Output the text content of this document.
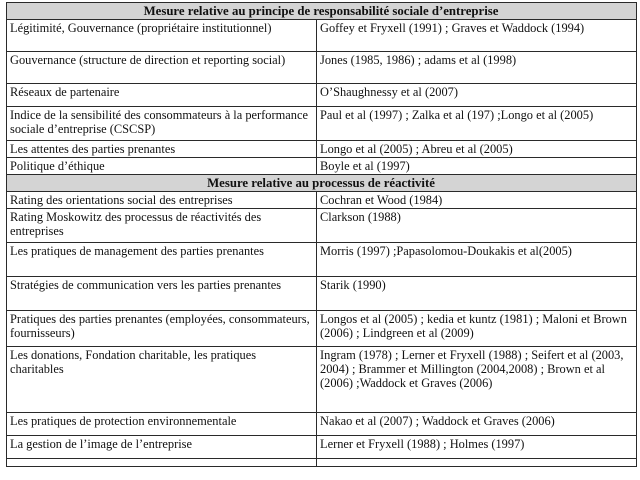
Mesure relative au principe de responsabilité sociale d’entreprise	
Légitimité, Gouvernance (propriétaire institutionnel)	Goffey et Fryxell (1991) ; Graves et Waddock (1994)
Gouvernance (structure de direction et reporting social)	Jones (1985, 1986) ; adams et al (1998)
Réseaux de partenaire	O’Shaughnessy et al (2007)
Indice de la sensibilité des consommateurs à la performance sociale d’entreprise (CSCSP)	Paul et al (1997) ; Zalka et al (197) ;Longo et al (2005)
Les attentes des parties prenantes	Longo et al (2005) ; Abreu et al (2005)
Politique d’éthique	Boyle et al (1997)
Mesure relative au processus de réactivité	
Rating des orientations social des entreprises	Cochran et Wood (1984)
Rating Moskowitz des processus de réactivités des entreprises	Clarkson (1988)
Les pratiques de management des parties prenantes	Morris (1997) ;Papasolomou-Doukakis et al(2005)
Stratégies de communication vers les parties prenantes	Starik (1990)
Pratiques des parties prenantes (employées, consommateurs, fournisseurs)	Longos et al (2005) ; kedia et kuntz (1981) ; Maloni et Brown (2006) ; Lindgreen et al (2009)
Les donations, Fondation charitable, les pratiques charitables	Ingram (1978) ; Lerner et Fryxell (1988) ; Seifert et al (2003, 2004) ; Brammer et Millington (2004,2008) ; Brown et al (2006) ;Waddock et Graves (2006)
Les pratiques de protection environnementale	Nakao et al (2007) ; Waddock et Graves (2006)
La gestion de l’image de l’entreprise	Lerner et Fryxell (1988) ; Holmes (1997)
